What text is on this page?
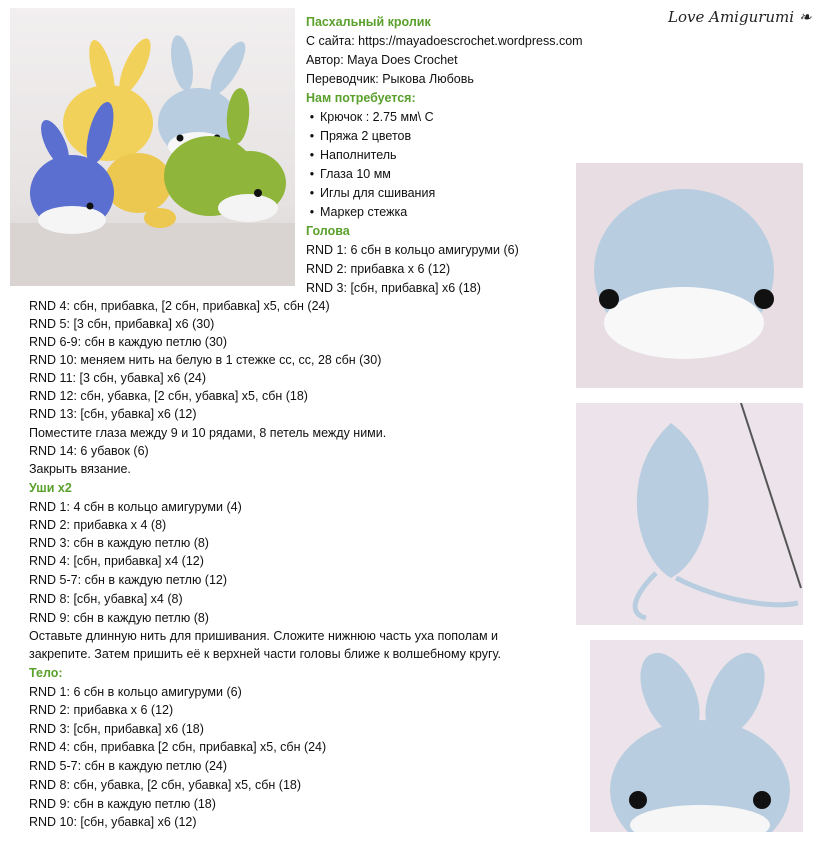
Love Amigurumi ❧
Пасхальный кролик
С сайта: https://mayadoescrochet.wordpress.com
Автор: Maya Does Crochet
Переводчик: Рыкова Любовь
Нам потребуется:
• Крючок : 2.75 мм\ С
• Пряжа 2 цветов
• Наполнитель
• Глаза 10 мм
• Иглы для сшивания
• Маркер стежка
Голова
RND 1: 6 сбн в кольцо амигуруми (6)
RND 2: прибавка х 6 (12)
RND 3: [сбн, прибавка] х6 (18)
RND 4: сбн, прибавка, [2 сбн, прибавка] х5, сбн (24)
RND 5: [3 сбн, прибавка] х6 (30)
RND 6-9: сбн в каждую петлю (30)
RND 10: меняем нить на белую в 1 стежке сс, сс, 28 сбн (30)
RND 11: [3 сбн, убавка] х6 (24)
RND 12: сбн, убавка, [2 сбн, убавка] х5, сбн (18)
RND 13: [сбн, убавка] х6 (12)
Поместите глаза между 9 и 10 рядами, 8 петель между ними.
RND 14: 6 убавок (6)
Закрыть вязание.
Уши х2
RND 1: 4 сбн в кольцо амигуруми (4)
RND 2: прибавка х 4 (8)
RND 3: сбн в каждую петлю (8)
RND 4: [сбн, прибавка] х4 (12)
RND 5-7: сбн в каждую петлю (12)
RND 8: [сбн, убавка] х4 (8)
RND 9: сбн в каждую петлю (8)
Оставьте длинную нить для пришивания. Сложите нижнюю часть уха пополам и
закрепите. Затем пришить её к верхней части головы ближе к волшебному кругу.
Тело:
RND 1: 6 сбн в кольцо амигуруми (6)
RND 2: прибавка х 6 (12)
RND 3: [сбн, прибавка] х6 (18)
RND 4: сбн, прибавка [2 сбн, прибавка] х5, сбн (24)
RND 5-7: сбн в каждую петлю (24)
RND 8: сбн, убавка, [2 сбн, убавка] х5, сбн (18)
RND 9: сбн в каждую петлю (18)
RND 10: [сбн, убавка] х6 (12)
